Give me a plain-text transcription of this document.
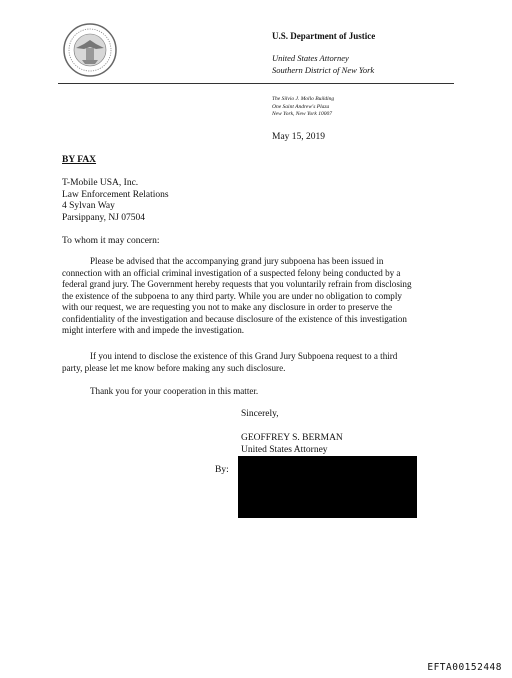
U.S. Department of Justice
United States Attorney
Southern District of New York
The Silvio J. Mollo Building
One Saint Andrew's Plaza
New York, New York 10007
May 15, 2019
BY FAX
T-Mobile USA, Inc.
Law Enforcement Relations
4 Sylvan Way
Parsippany, NJ 07504
To whom it may concern:
Please be advised that the accompanying grand jury subpoena has been issued in
connection with an official criminal investigation of a suspected felony being conducted by a
federal grand jury. The Government hereby requests that you voluntarily refrain from disclosing
the existence of the subpoena to any third party. While you are under no obligation to comply
with our request, we are requesting you not to make any disclosure in order to preserve the
confidentiality of the investigation and because disclosure of the existence of this investigation
might interfere with and impede the investigation.
If you intend to disclose the existence of this Grand Jury Subpoena request to a third
party, please let me know before making any such disclosure.
Thank you for your cooperation in this matter.
Sincerely,
GEOFFREY S. BERMAN
United States Attorney
By:
EFTA00152448
